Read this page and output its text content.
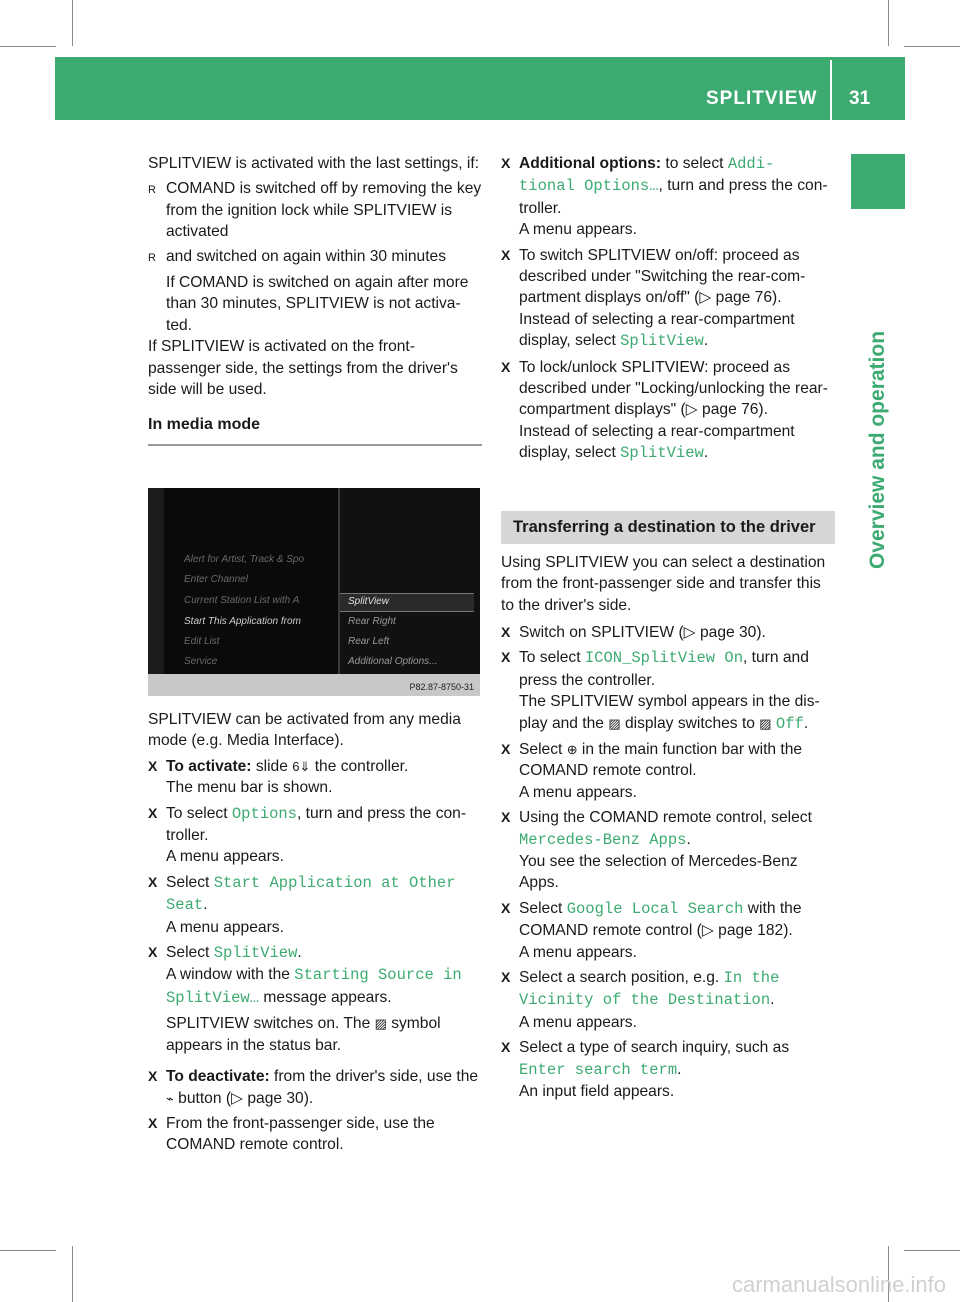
SPLITVIEW 31
Overview and operation

SPLITVIEW is activated with the last settings, if:

R COMAND is switched off by removing the key from the ignition lock while SPLITVIEW is activated
R and switched on again within 30 minutes

If COMAND is switched on again after more than 30 minutes, SPLITVIEW is not activa- ted.

If SPLITVIEW is activated on the front-passenger side, the settings from the driver's side will be used.

In media mode

Alert for Artist, Track & Spo
Enter Channel
Current Station List with A
Start This Application from
Edit List
Service
SplitView
Rear Right
Rear Left
Additional Options...
P82.87-8750-31

SPLITVIEW can be activated from any media mode (e.g. Media Interface).

X To activate: slide 6⇓ the controller.
The menu bar is shown.
X To select Options, turn and press the con- troller.
A menu appears.
X Select Start Application at Other Seat.
A menu appears.
X Select SplitView.
A window with the Starting Source in SplitView… message appears.
SPLITVIEW switches on. The ▨ symbol appears in the status bar.
X To deactivate: from the driver's side, use the ⌁ button (▷ page 30).
X From the front-passenger side, use the COMAND remote control.
X Additional options: to select Addi‐ tional Options…, turn and press the con- troller.
A menu appears.
X To switch SPLITVIEW on/off: proceed as described under "Switching the rear-com- partment displays on/off" (▷ page 76).
Instead of selecting a rear-compartment display, select SplitView.
X To lock/unlock SPLITVIEW: proceed as described under "Locking/unlocking the rear-compartment displays" (▷ page 76).
Instead of selecting a rear-compartment display, select SplitView.

Transferring a destination to the driver

Using SPLITVIEW you can select a destination from the front-passenger side and transfer this to the driver's side.

X Switch on SPLITVIEW (▷ page 30).
X To select ICON_SplitView On, turn and press the controller.
The SPLITVIEW symbol appears in the dis- play and the ▨ display switches to ▨ Off.
X Select ⊕ in the main function bar with the COMAND remote control.
A menu appears.
X Using the COMAND remote control, select Mercedes-Benz Apps.
You see the selection of Mercedes-Benz Apps.
X Select Google Local Search with the COMAND remote control (▷ page 182).
A menu appears.
X Select a search position, e.g. In the Vicinity of the Destination.
A menu appears.
X Select a type of search inquiry, such as Enter search term.
An input field appears.
carmanualsonline.info
